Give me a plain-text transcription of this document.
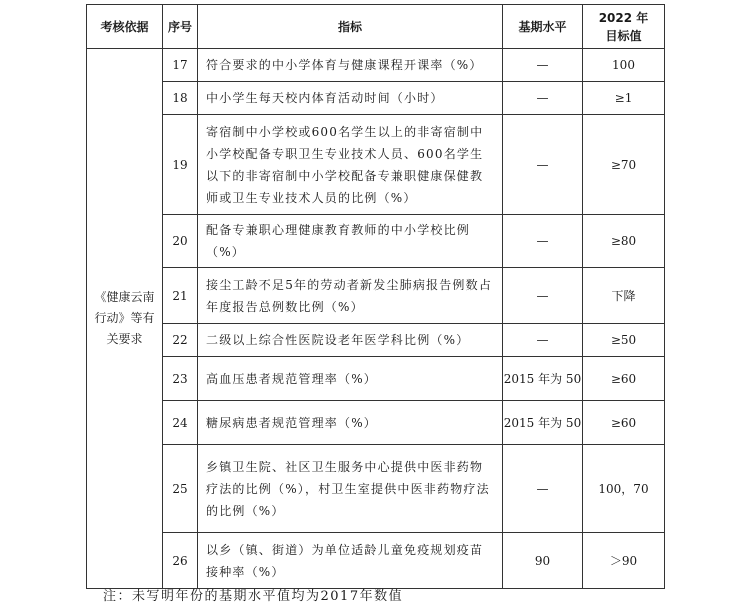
考核依据	序号	指标	基期水平	2022 年
目标值

《健康云南行动》等有关要求	17	符合要求的中小学体育与健康课程开课率（%）	—	100
	18	中小学生每天校内体育活动时间（小时）	—	≥1
	19	寄宿制中小学校或600名学生以上的非寄宿制中小学校配备专职卫生专业技术人员、600名学生以下的非寄宿制中小学校配备专兼职健康保健教师或卫生专业技术人员的比例（%）	—	≥70
	20	配备专兼职心理健康教育教师的中小学校比例（%）	—	≥80
	21	接尘工龄不足5年的劳动者新发尘肺病报告例数占年度报告总例数比例（%）	—	下降
	22	二级以上综合性医院设老年医学科比例（%）	—	≥50
	23	高血压患者规范管理率（%）	2015 年为 50	≥60
	24	糖尿病患者规范管理率（%）	2015 年为 50	≥60
	25	乡镇卫生院、社区卫生服务中心提供中医非药物疗法的比例（%），村卫生室提供中医非药物疗法的比例（%）	—	100，70
	26	以乡（镇、街道）为单位适龄儿童免疫规划疫苗接种率（%）	90	＞90
注：未写明年份的基期水平值均为2017年数值
